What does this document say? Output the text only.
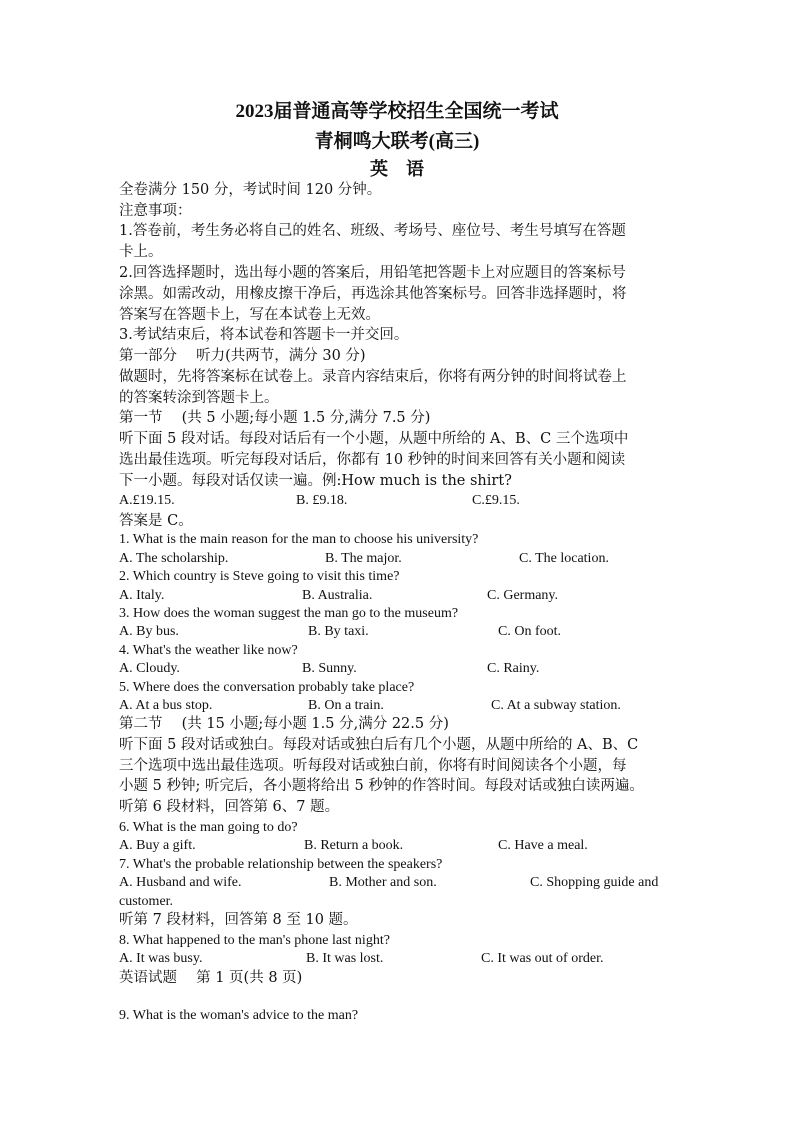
2023届普通高等学校招生全国统一考试
青桐鸣大联考(高三)
英　语
全卷满分 150 分，考试时间 120 分钟。
注意事项：
1.答卷前，考生务必将自己的姓名、班级、考场号、座位号、考生号填写在答题
卡上。
2.回答选择题时，选出每小题的答案后，用铅笔把答题卡上对应题目的答案标号
涂黑。如需改动，用橡皮擦干净后，再选涂其他答案标号。回答非选择题时，将
答案写在答题卡上，写在本试卷上无效。
3.考试结束后，将本试卷和答题卡一并交回。
第一部分　 听力(共两节，满分 30 分)
做题时，先将答案标在试卷上。录音内容结束后，你将有两分钟的时间将试卷上
的答案转涂到答题卡上。
第一节　 (共 5 小题;每小题 1.5 分,满分 7.5 分)
听下面 5 段对话。每段对话后有一个小题，从题中所给的 A、B、C 三个选项中
选出最佳选项。听完每段对话后，你都有 10 秒钟的时间来回答有关小题和阅读
下一小题。每段对话仅读一遍。例:How much is the shirt?
A.£19.15.	B. £9.18.	C.£9.15.
答案是 C。
1. What is the main reason for the man to choose his university?
A. The scholarship.	B. The major.	C. The location.
2. Which country is Steve going to visit this time?
A. Italy.	B. Australia.	C. Germany.
3. How does the woman suggest the man go to the museum?
A. By bus.	B. By taxi.	C. On foot.
4. What's the weather like now?
A. Cloudy.	B. Sunny.	C. Rainy.
5. Where does the conversation probably take place?
A. At a bus stop.	B. On a train.	C. At a subway station.
第二节　 (共 15 小题;每小题 1.5 分,满分 22.5 分)
听下面 5 段对话或独白。每段对话或独白后有几个小题，从题中所给的 A、B、C
三个选项中选出最佳选项。听每段对话或独白前，你将有时间阅读各个小题，每
小题 5 秒钟; 听完后，各小题将给出 5 秒钟的作答时间。每段对话或独白读两遍。
听第 6 段材料，回答第 6、7 题。
6. What is the man going to do?
A. Buy a gift.	B. Return a book.	C. Have a meal.
7. What's the probable relationship between the speakers?
A. Husband and wife.	B. Mother and son.	C. Shopping guide and
customer.
听第 7 段材料，回答第 8 至 10 题。
8. What happened to the man's phone last night?
A. It was busy.	B. It was lost.	C. It was out of order.
英语试题　 第 1 页(共 8 页)
9. What is the woman's advice to the man?
